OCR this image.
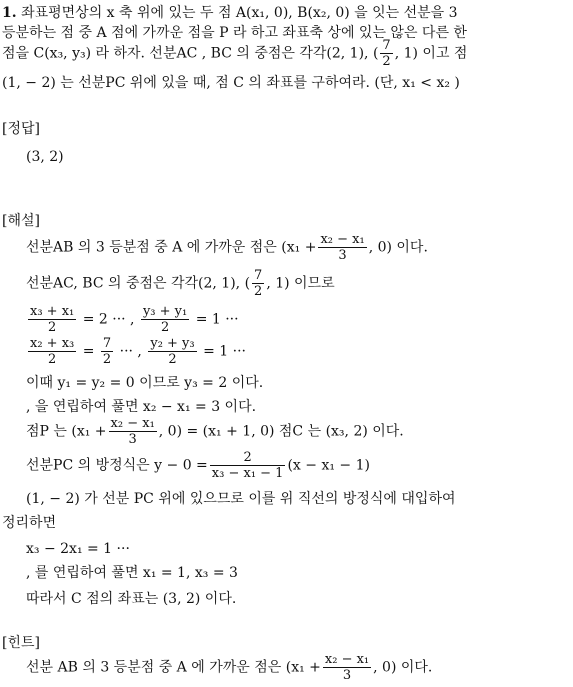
1. 좌표평면상의 x 축 위에 있는 두 점 A(x₁, 0), B(x₂, 0) 을 잇는 선분을 3
등분하는 점 중 A 점에 가까운 점을 P 라 하고 좌표축 상에 있는 않은 다른 한
점을 C(x₃, y₃) 라 하자. 선분AC , BC 의 중점은 각각(2, 1), ( $\frac{7}{2}$ , 1) 이고 점
(1, − 2) 는 선분PC 위에 있을 때, 점 C 의 좌표를 구하여라. (단, x₁ < x₂ )
[정답]
(3, 2)
[해설]
선분AB 의 3 등분점 중 A 에 가까운 점은 ($x_1 + \frac{\text{x₂ − x₁}}{3}$ , 0) 이다.
선분AC, BC 의 중점은 각각(2, 1), ( $\frac{7}{2}$ , 1) 이므로
$\frac{\text{x₃ + x₁}}{2} = 2$ ··· , $\frac{\text{y₃ + y₁}}{2} = 1$ ···
$\frac{\text{x₂ + x₃}}{2} = \frac{7}{2}$ ··· , $\frac{\text{y₂ + y₃}}{2} = 1$ ···
이때 y₁ = y₂ = 0 이므로 y₃ = 2 이다.
, 을 연립하여 풀면 x₂ − x₁ = 3 이다.
점P 는 ($x_1 + \frac{\text{x₂ − x₁}}{3}$ , 0) = (x₁ + 1, 0) 점C 는 (x₃, 2) 이다.
선분PC 의 방정식은 $y - 0 = \frac{2}{\text{x₃ − x₁ − 1}} (x - x_1 - 1)$
(1, − 2) 가 선분 PC 위에 있으므로 이를 위 직선의 방정식에 대입하여
정리하면
x₃ − 2x₁ = 1 ···
, 를 연립하여 풀면 x₁ = 1, x₃ = 3
따라서 C 점의 좌표는 (3, 2) 이다.
[힌트]
선분 AB 의 3 등분점 중 A 에 가까운 점은 ($x_1 + \frac{\text{x₂ − x₁}}{3}$ , 0) 이다.
